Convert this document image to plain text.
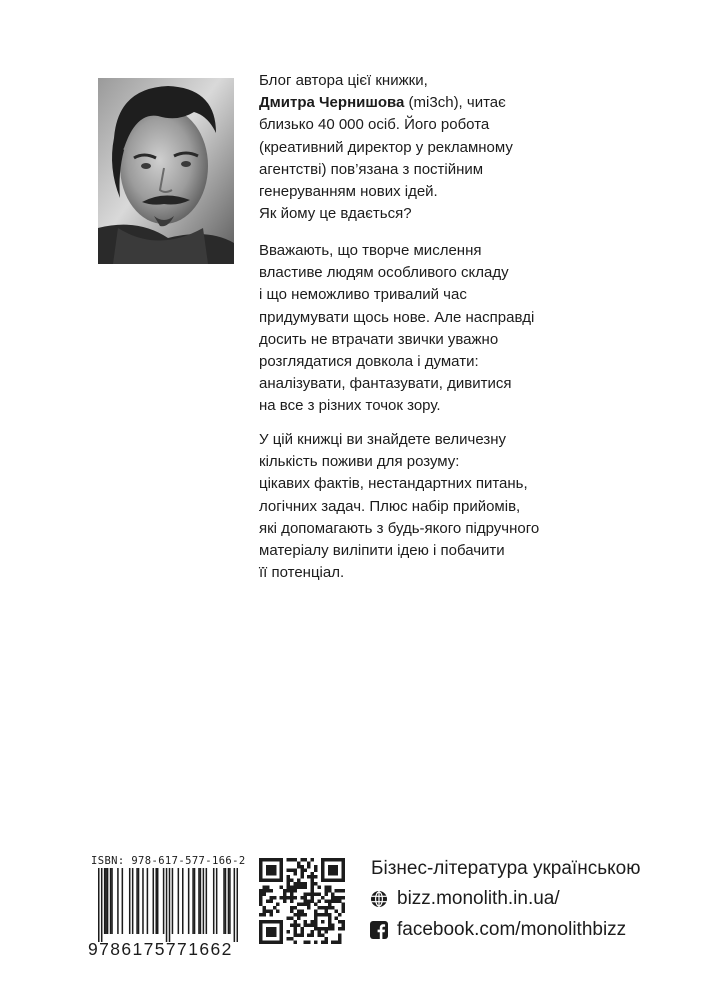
Блог автора цієї книжки,
Дмитра Чернишова (mi3ch), читає
близько 40 000 осіб. Його робота
(креативний директор у рекламному
агентстві) пов’язана з постійним
генеруванням нових ідей.
Як йому це вдається?

Вважають, що творче мислення
властиве людям особливого складу
і що неможливо тривалий час
придумувати щось нове. Але насправді
досить не втрачати звички уважно
розглядатися довкола і думати:
аналізувати, фантазувати, дивитися
на все з різних точок зору.

У цій книжці ви знайдете величезну
кількість поживи для розуму:
цікавих фактів, нестандартних питань,
логічних задач. Плюс набір прийомів,
які допомагають з будь-якого підручного
матеріалу виліпити ідею і побачити
її потенціал.

ISBN: 978-617-577-166-2
9786175771662
Бізнес-література українською
bizz.monolith.in.ua/
facebook.com/monolithbizz
